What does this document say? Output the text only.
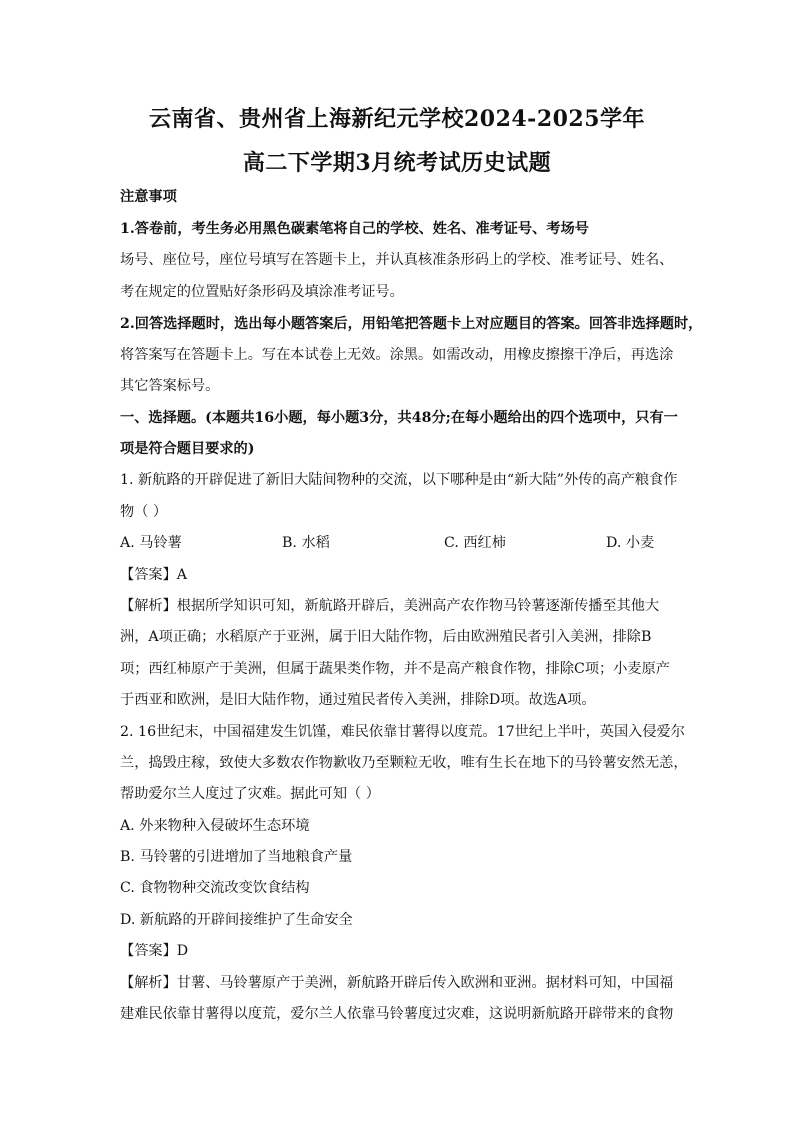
云南省、贵州省上海新纪元学校2024-2025学年
高二下学期3月统考试历史试题
注意事项
1.答卷前，考生务必用黑色碳素笔将自己的学校、姓名、准考证号、考场号
场号、座位号，座位号填写在答题卡上，并认真核准条形码上的学校、准考证号、姓名、
考在规定的位置贴好条形码及填涂准考证号。
2.回答选择题时，选出每小题答案后，用铅笔把答题卡上对应题目的答案。回答非选择题时，
将答案写在答题卡上。写在本试卷上无效。涂黑。如需改动，用橡皮擦擦干净后，再选涂
其它答案标号。
一、选择题。(本题共16小题，每小题3分，共48分;在每小题给出的四个选项中，只有一
项是符合题目要求的)
1. 新航路的开辟促进了新旧大陆间物种的交流，以下哪种是由“新大陆”外传的高产粮食作
物（ ）
A. 马铃薯	B. 水稻	C. 西红柿	D. 小麦
【答案】A
【解析】根据所学知识可知，新航路开辟后，美洲高产农作物马铃薯逐渐传播至其他大
洲，A项正确；水稻原产于亚洲，属于旧大陆作物，后由欧洲殖民者引入美洲，排除B
项；西红柿原产于美洲，但属于蔬果类作物，并不是高产粮食作物，排除C项；小麦原产
于西亚和欧洲，是旧大陆作物，通过殖民者传入美洲，排除D项。故选A项。
2. 16世纪末，中国福建发生饥馑，难民依靠甘薯得以度荒。17世纪上半叶，英国入侵爱尔
兰，捣毁庄稼，致使大多数农作物歉收乃至颗粒无收，唯有生长在地下的马铃薯安然无恙，
帮助爱尔兰人度过了灾难。据此可知（ ）
A. 外来物种入侵破坏生态环境
B. 马铃薯的引进增加了当地粮食产量
C. 食物物种交流改变饮食结构
D. 新航路的开辟间接维护了生命安全
【答案】D
【解析】甘薯、马铃薯原产于美洲，新航路开辟后传入欧洲和亚洲。据材料可知，中国福
建难民依靠甘薯得以度荒，爱尔兰人依靠马铃薯度过灾难，这说明新航路开辟带来的食物
